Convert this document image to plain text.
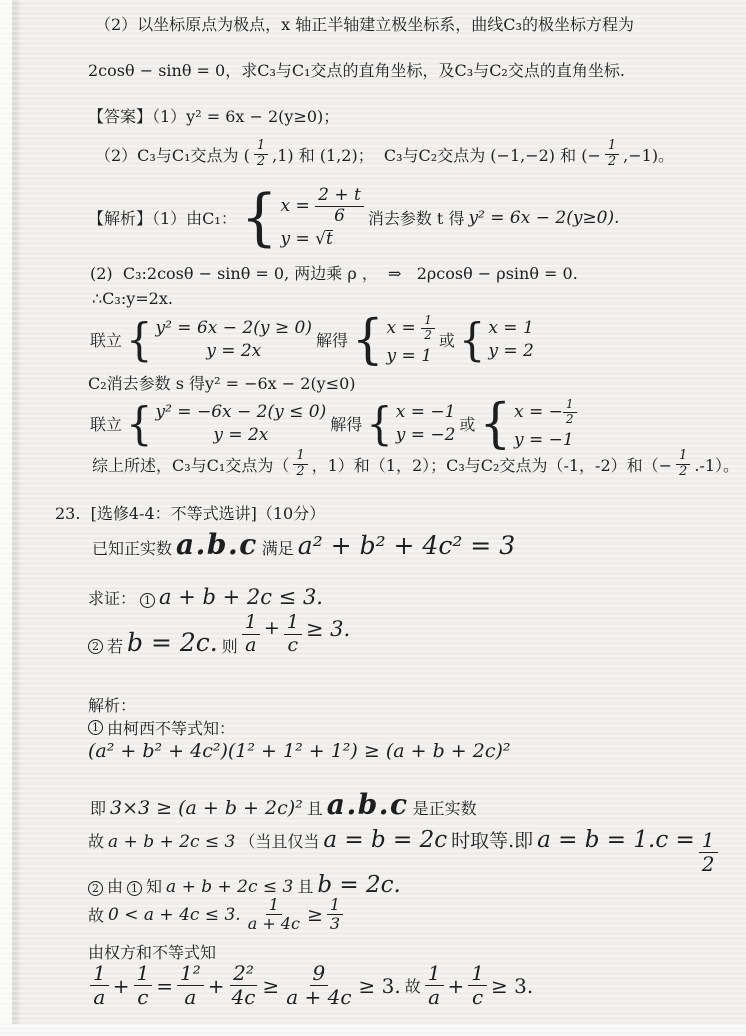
（2）以坐标原点为极点，x 轴正半轴建立极坐标系，曲线C₃的极坐标方程为
2cosθ − sinθ = 0，求C₃与C₁交点的直角坐标，及C₃与C₂交点的直角坐标.
【答案】（1）y² = 6x − 2(y≥0)；
（2）C₃与C₁交点为 ( $\frac{1}{2} ,1$) 和 (1,2)；  C₃与C₂交点为 (−1,−2) 和 (− $\frac{1}{2} ,-1$)。
【解析】（1）由C₁： { $x = \frac{2 + t}{6}$
y = √ t
消去参数 t 得 y² = 6x − 2(y≥0).
(2)  C₃:2cosθ − sinθ = 0, 两边乘 ρ ，  ⇒   2ρcosθ − ρsinθ = 0.
∴C₃:y=2x.
联立 { y² = 6x − 2(y ≥ 0)
y = 2x
解得 { $x = \frac{1}{2}$
y = 1
或 { x = 1
y = 2
C₂消去参数 s 得y² = −6x − 2(y≤0)
联立 { y² = −6x − 2(y ≤ 0)
y = 2x
解得 { x = −1
y = −2
或 { x = − $\frac{1}{2}$
y = −1
综上所述，C₃与C₁交点为（ $\frac{1}{2}$ ，1）和（1，2）；C₃与C₂交点为（-1，-2）和（− $\frac{1}{2} .-1$）。
23.  [选修4-4：不等式选讲]（10分）
已知正实数 a.b.c 满足 a² + b² + 4c² = 3
求证： 1 a + b + 2c ≤ 3.
2 若 b = 2c. 则 $\frac{1}{a} + \frac{1}{c} \ge 3$.
解析：
1 由柯西不等式知：
(a² + b² + 4c²)(1² + 1² + 1²) ≥ (a + b + 2c)²
即 3×3 ≥ (a + b + 2c)² 且 a.b.c 是正实数
故 a + b + 2c ≤ 3 （当且仅当 a = b = 2c 时取等.即 $a = b = 1.c = \frac{1}{2}$
2 由 1 知 a + b + 2c ≤ 3 且 b = 2c.
故 0 < a + 4c ≤ 3. $\frac{1}{a + 4c} \ge \frac{1}{3}$
由权方和不等式知
$\frac{1}{a} + \frac{1}{c} = \frac{\text{1²}}{a} + \frac{\text{2²}}{4c} \ge \frac{9}{a + 4c} \ge 3$. 故 $\frac{1}{a} + \frac{1}{c} \ge 3$.
